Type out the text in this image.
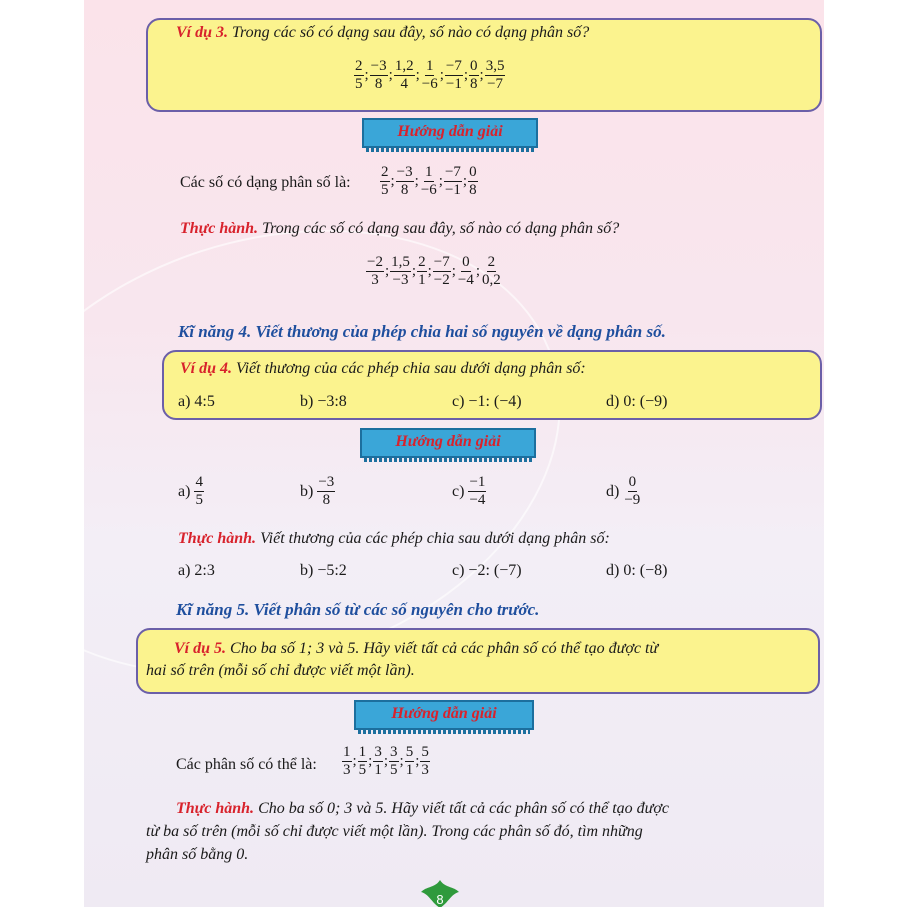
Ví dụ 3. Trong các số có dạng sau đây, số nào có dạng phân số?
$\frac{2}{5}$ ; $\frac{-3}{8}$ ; $\frac{1,2}{4}$ ; $\frac{1}{-6}$ ; $\frac{-7}{-1}$ ; $\frac{0}{8}$ ; $\frac{3,5}{-7}$
Hướng dẫn giải
Các số có dạng phân số là: $\frac{2}{5}$ ; $\frac{-3}{8}$ ; $\frac{1}{-6}$ ; $\frac{-7}{-1}$ ; $\frac{0}{8}$
Thực hành. Trong các số có dạng sau đây, số nào có dạng phân số?
$\frac{-2}{3}$ ; $\frac{1,5}{-3}$ ; $\frac{2}{1}$ ; $\frac{-7}{-2}$ ; $\frac{0}{-4}$ ; $\frac{2}{0,2}$
Kĩ năng 4. Viết thương của phép chia hai số nguyên về dạng phân số.
Ví dụ 4. Viết thương của các phép chia sau dưới dạng phân số:
a) 4:5	b) −3:8	c) −1: (−4)	d) 0: (−9)
Hướng dẫn giải
a)

4
5
b)

−3
8
c)

−1
−4
d)

0
−9
Thực hành. Viết thương của các phép chia sau dưới dạng phân số:
a) 2:3	b) −5:2	c) −2: (−7)	d) 0: (−8)
Kĩ năng 5. Viết phân số từ các số nguyên cho trước.
Ví dụ 5. Cho ba số 1; 3 và 5. Hãy viết tất cả các phân số có thể tạo được từ
hai số trên (mỗi số chỉ được viết một lần).
Hướng dẫn giải
Các phân số có thể là: $\frac{1}{3}$ ; $\frac{1}{5}$ ; $\frac{3}{1}$ ; $\frac{3}{5}$ ; $\frac{5}{1}$ ; $\frac{5}{3}$
Thực hành. Cho ba số 0; 3 và 5. Hãy viết tất cả các phân số có thể tạo được
từ ba số trên (mỗi số chỉ được viết một lần). Trong các phân số đó, tìm những
phân số bằng 0.
8
